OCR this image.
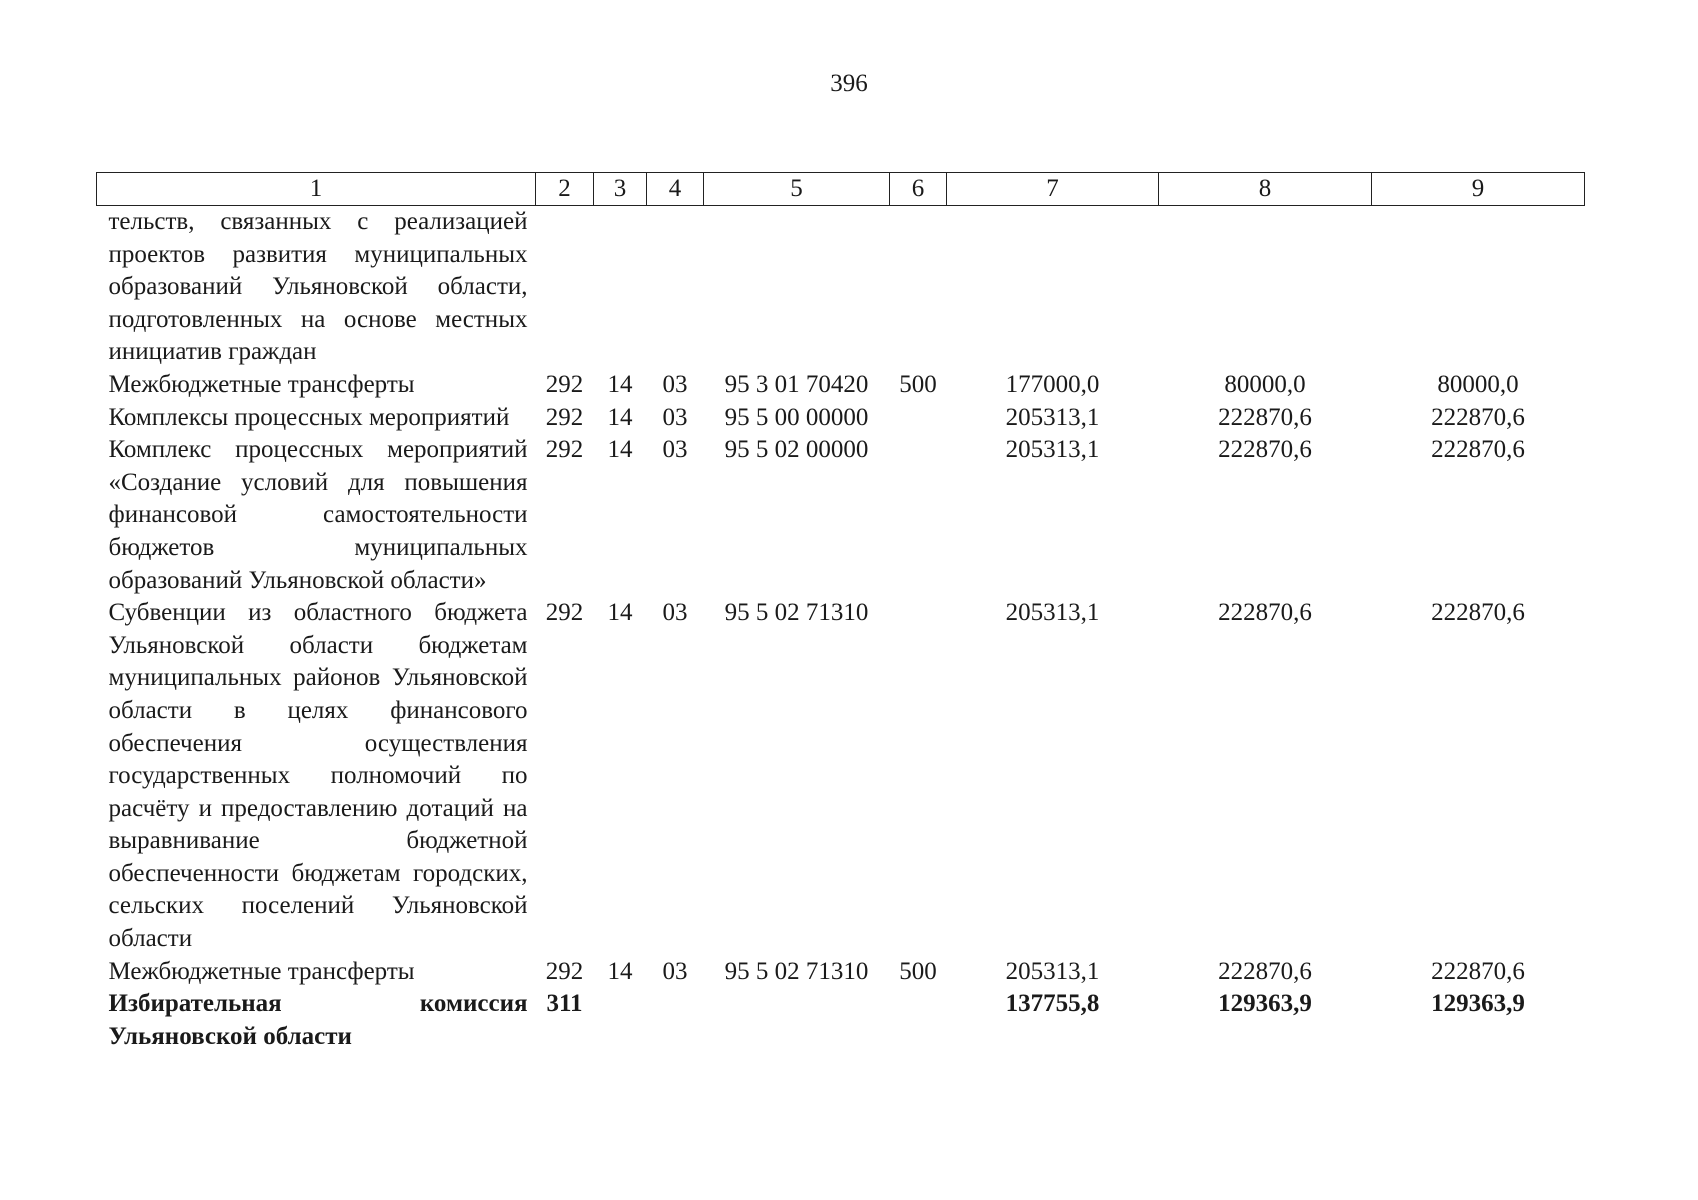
396
1	2	3	4	5	6	7	8	9
тельств, связанных с реализацией проектов развития муниципальных образований Ульяновской области, подготовленных на основе местных инициатив граждан								
Межбюджетные трансферты	292	14	03	95 3 01 70420	500	177000,0	80000,0	80000,0
Комплексы процессных мероприятий	292	14	03	95 5 00 00000		205313,1	222870,6	222870,6
Комплекс процессных мероприятий «Создание условий для повышения финансовой самостоятельности бюджетов муниципальных образований Ульяновской области»	292	14	03	95 5 02 00000		205313,1	222870,6	222870,6
Субвенции из областного бюджета Ульяновской области бюджетам муниципальных районов Ульяновской области в целях финансового обеспечения осуществления государственных полномочий по расчёту и предоставлению дотаций на выравнивание бюджетной обеспеченности бюджетам городских, сельских поселений Ульяновской области	292	14	03	95 5 02 71310		205313,1	222870,6	222870,6
Межбюджетные трансферты	292	14	03	95 5 02 71310	500	205313,1	222870,6	222870,6
Избирательная комиссия Ульяновской области	311					137755,8	129363,9	129363,9
